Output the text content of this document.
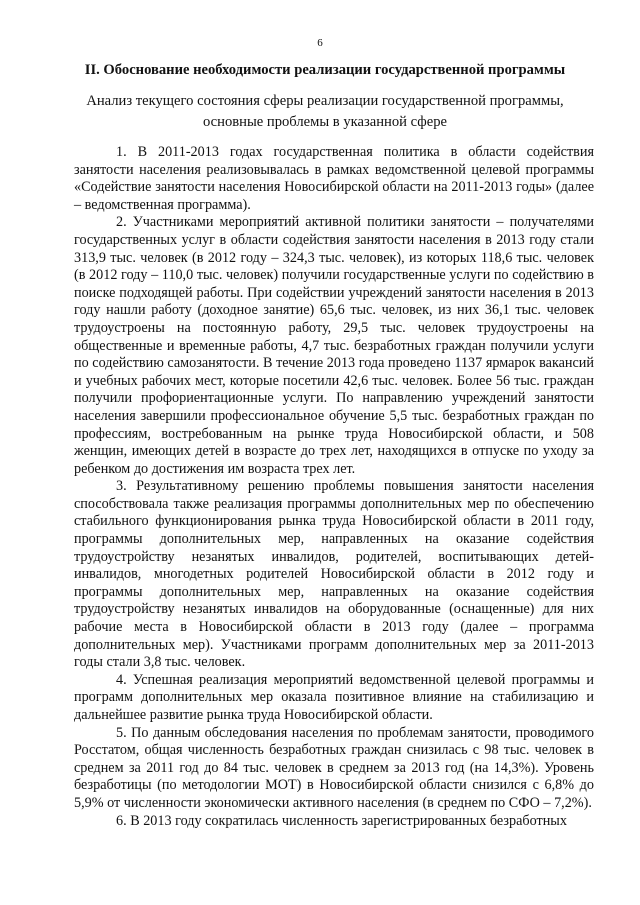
6
II. Обоснование необходимости реализации государственной программы
Анализ текущего состояния сферы реализации государственной программы, основные проблемы в указанной сфере

1. В 2011-2013 годах государственная политика в области содействия занятости населения реализовывалась в рамках ведомственной целевой программы «Содействие занятости населения Новосибирской области на 2011-2013 годы» (далее – ведомственная программа).

2. Участниками мероприятий активной политики занятости – получателями государственных услуг в области содействия занятости населения в 2013 году стали 313,9 тыс. человек (в 2012 году – 324,3 тыс. человек), из которых 118,6 тыс. человек (в 2012 году – 110,0 тыс. человек) получили государственные услуги по содействию в поиске подходящей работы. При содействии учреждений занятости населения в 2013 году нашли работу (доходное занятие) 65,6 тыс. человек, из них 36,1 тыс. человек трудоустроены на постоянную работу, 29,5 тыс. человек трудоустроены на общественные и временные работы, 4,7 тыс. безработных граждан получили услуги по содействию самозанятости. В течение 2013 года проведено 1137 ярмарок вакансий и учебных рабочих мест, которые посетили 42,6 тыс. человек. Более 56 тыс. граждан получили профориентационные услуги. По направлению учреждений занятости населения завершили профессиональное обучение 5,5 тыс. безработных граждан по профессиям, востребованным на рынке труда Новосибирской области, и 508 женщин, имеющих детей в возрасте до трех лет, находящихся в отпуске по уходу за ребенком до достижения им возраста трех лет.

3. Результативному решению проблемы повышения занятости населения способствовала также реализация программы дополнительных мер по обеспечению стабильного функционирования рынка труда Новосибирской области в 2011 году, программы дополнительных мер, направленных на оказание содействия трудоустройству незанятых инвалидов, родителей, воспитывающих детей-инвалидов, многодетных родителей Новосибирской области в 2012 году и программы дополнительных мер, направленных на оказание содействия трудоустройству незанятых инвалидов на оборудованные (оснащенные) для них рабочие места в Новосибирской области в 2013 году (далее – программа дополнительных мер). Участниками программ дополнительных мер за 2011-2013 годы стали 3,8 тыс. человек.

4. Успешная реализация мероприятий ведомственной целевой программы и программ дополнительных мер оказала позитивное влияние на стабилизацию и дальнейшее развитие рынка труда Новосибирской области.

5. По данным обследования населения по проблемам занятости, проводимого Росстатом, общая численность безработных граждан снизилась с 98 тыс. человек в среднем за 2011 год до 84 тыс. человек в среднем за 2013 год (на 14,3%). Уровень безработицы (по методологии МОТ) в Новосибирской области снизился с 6,8% до 5,9% от численности экономически активного населения (в среднем по СФО – 7,2%).

6. В 2013 году сократилась численность зарегистрированных безработных
